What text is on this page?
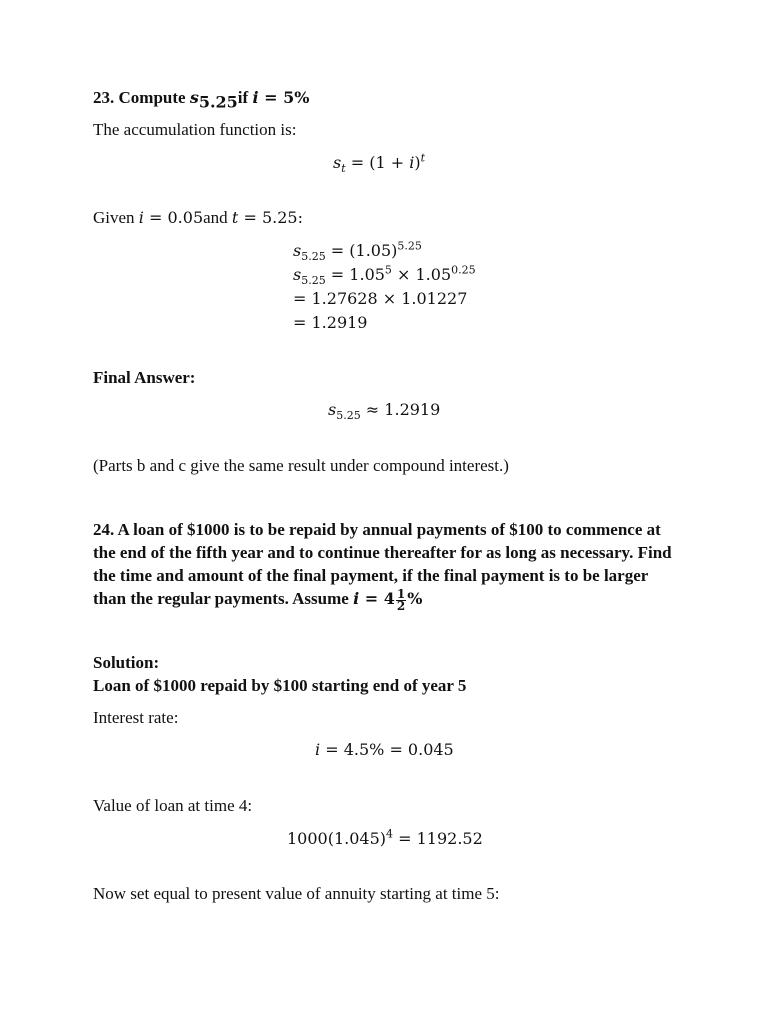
23. Compute $s_{5.25}if$ i = 5%
The accumulation function is:
$s_t = (1 + i)^t$
Given i = 0.05and t = 5.25:
$s_{5.25} = (1.05)^{5.25}$
$s_{5.25} = 1.05^5 \times 1.05^{0.25}$
= 1.27628 × 1.01227
= 1.2919
Final Answer:
$s_{5.25} \approx 1.2919$
(Parts b and c give the same result under compound interest.)
24. A loan of $1000 is to be repaid by annual payments of $100 to commence at the end of the fifth year and to continue thereafter for as long as necessary. Find the time and amount of the final payment, if the final payment is to be larger than the regular payments. Assume $i = 4 \frac{1}{2}$ %
Solution:
Loan of $1000 repaid by $100 starting end of year 5
Interest rate:
i = 4.5% = 0.045
Value of loan at time 4:
$1000(1.045)^4 = 1192.52$
Now set equal to present value of annuity starting at time 5:
